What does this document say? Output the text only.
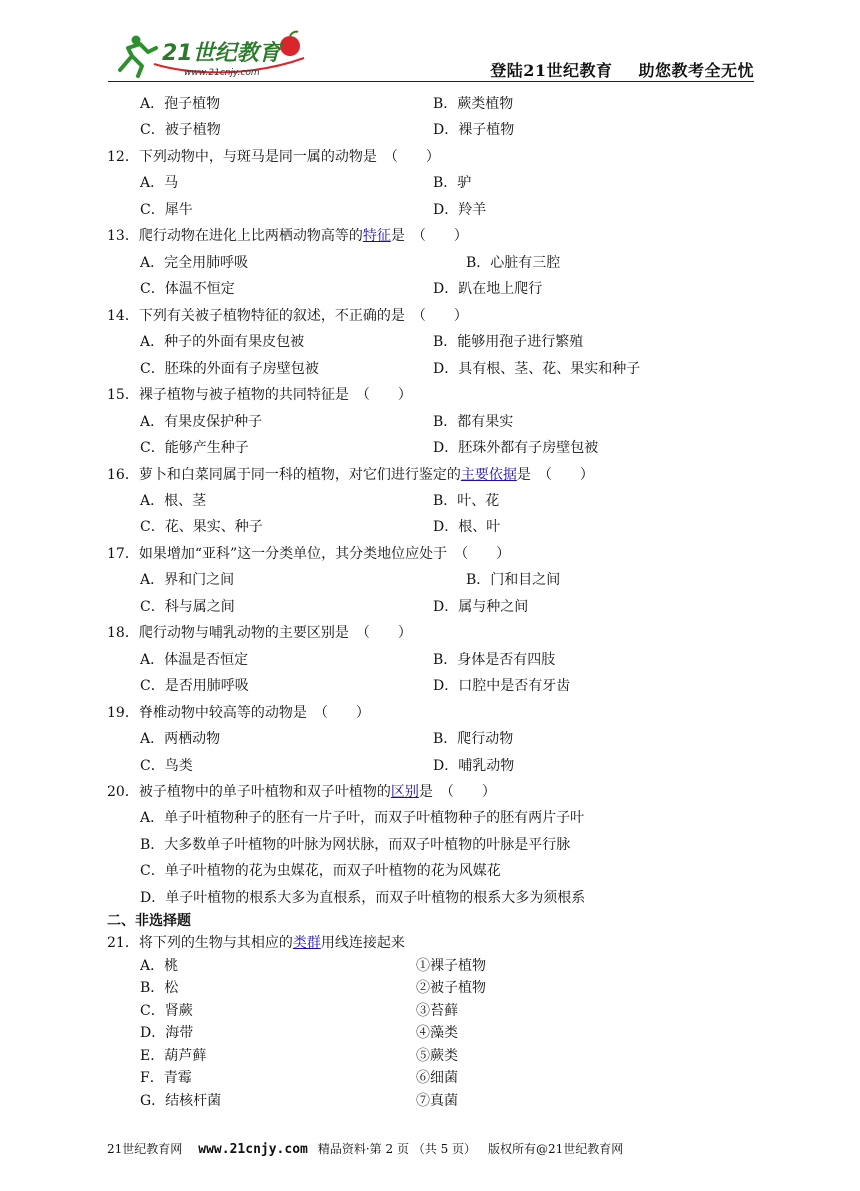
21世纪教育
www.21cnjy.com	登陆21世纪教育 助您教考全无忧
A．孢子植物	B．蕨类植物
C．被子植物	D．裸子植物
12．下列动物中，与斑马是同一属的动物是　（　　）
A．马	B．驴
C．犀牛	D．羚羊
13．爬行动物在进化上比两栖动物高等的特征是　（　　）
A．完全用肺呼吸	B．心脏有三腔
C．体温不恒定	D．趴在地上爬行
14．下列有关被子植物特征的叙述，不正确的是　（　　）
A．种子的外面有果皮包被	B．能够用孢子进行繁殖
C．胚珠的外面有子房壁包被	D．具有根、茎、花、果实和种子
15．裸子植物与被子植物的共同特征是　（　　）
A．有果皮保护种子	B．都有果实
C．能够产生种子	D．胚珠外都有子房壁包被
16．萝卜和白菜同属于同一科的植物，对它们进行鉴定的主要依据是　（　　）
A．根、茎	B．叶、花
C．花、果实、种子	D．根、叶
17．如果增加“亚科”这一分类单位，其分类地位应处于　（　　）
A．界和门之间	B．门和目之间
C．科与属之间	D．属与种之间
18．爬行动物与哺乳动物的主要区别是　（　　）
A．体温是否恒定	B．身体是否有四肢
C．是否用肺呼吸	D．口腔中是否有牙齿
19．脊椎动物中较高等的动物是　（　　）
A．两栖动物	B．爬行动物
C．鸟类	D．哺乳动物
20．被子植物中的单子叶植物和双子叶植物的区别是　（　　）
A．单子叶植物种子的胚有一片子叶，而双子叶植物种子的胚有两片子叶
B．大多数单子叶植物的叶脉为网状脉，而双子叶植物的叶脉是平行脉
C．单子叶植物的花为虫媒花，而双子叶植物的花为风媒花
D．单子叶植物的根系大多为直根系，而双子叶植物的根系大多为须根系
二、非选择题
21．将下列的生物与其相应的类群用线连接起来
A．桃	①裸子植物
B．松	②被子植物
C．肾蕨	③苔藓
D．海带	④藻类
E．葫芦藓	⑤蕨类
F．青霉	⑥细菌
G．结核杆菌	⑦真菌
21世纪教育网 www.21cnjy.com 精品资料·第 2 页 （共 5 页） 版权所有@21世纪教育网
